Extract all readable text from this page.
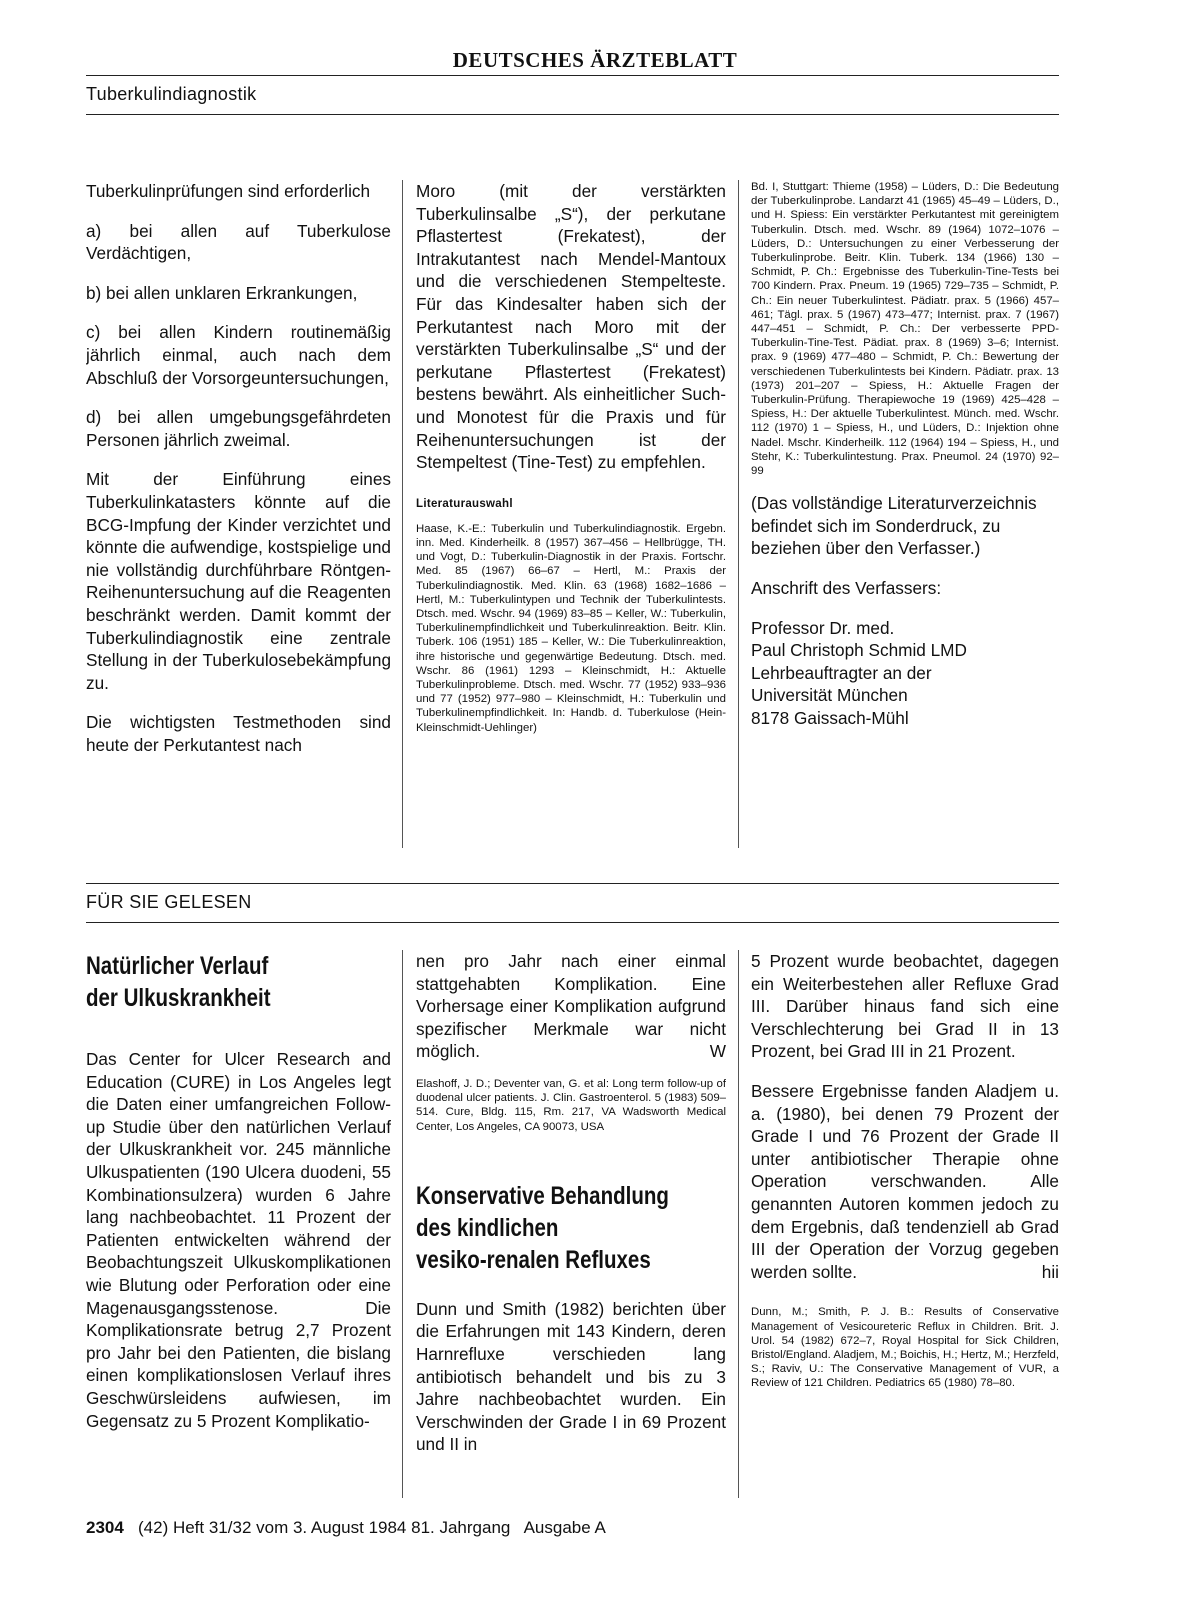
DEUTSCHES ÄRZTEBLATT
Tuberkulindiagnostik

Tuberkulinprüfungen sind erforderlich

a) bei allen auf Tuberkulose Verdächtigen,

b) bei allen unklaren Erkrankungen,

c) bei allen Kindern routinemäßig jährlich einmal, auch nach dem Abschluß der Vorsorgeuntersuchungen,

d) bei allen umgebungsgefährdeten Personen jährlich zweimal.

Mit der Einführung eines Tuberkulinkatasters könnte auf die BCG-Impfung der Kinder verzichtet und könnte die aufwendige, kostspielige und nie vollständig durchführbare Röntgen-Reihenuntersuchung auf die Reagenten beschränkt werden. Damit kommt der Tuberkulindiagnostik eine zentrale Stellung in der Tuberkulosebekämpfung zu.

Die wichtigsten Testmethoden sind heute der Perkutantest nach

Moro (mit der verstärkten Tuberkulinsalbe „S“), der perkutane Pflastertest (Frekatest), der Intrakutantest nach Mendel-Mantoux und die verschiedenen Stempelteste. Für das Kindesalter haben sich der Perkutantest nach Moro mit der verstärkten Tuberkulinsalbe „S“ und der perkutane Pflastertest (Frekatest) bestens bewährt. Als einheitlicher Such- und Monotest für die Praxis und für Reihenuntersuchungen ist der Stempeltest (Tine-Test) zu empfehlen.

Literaturauswahl

Haase, K.-E.: Tuberkulin und Tuberkulindiagnostik. Ergebn. inn. Med. Kinderheilk. 8 (1957) 367–456 – Hellbrügge, TH. und Vogt, D.: Tuberkulin-Diagnostik in der Praxis. Fortschr. Med. 85 (1967) 66–67 – Hertl, M.: Praxis der Tuberkulindiagnostik. Med. Klin. 63 (1968) 1682–1686 – Hertl, M.: Tuberkulintypen und Technik der Tuberkulintests. Dtsch. med. Wschr. 94 (1969) 83–85 – Keller, W.: Tuberkulin, Tuberkulinempfindlichkeit und Tuberkulinreaktion. Beitr. Klin. Tuberk. 106 (1951) 185 – Keller, W.: Die Tuberkulinreaktion, ihre historische und gegenwärtige Bedeutung. Dtsch. med. Wschr. 86 (1961) 1293 – Kleinschmidt, H.: Aktuelle Tuberkulinprobleme. Dtsch. med. Wschr. 77 (1952) 933–936 und 77 (1952) 977–980 – Kleinschmidt, H.: Tuberkulin und Tuberkulinempfindlichkeit. In: Handb. d. Tuberkulose (Hein-Kleinschmidt-Uehlinger)

Bd. I, Stuttgart: Thieme (1958) – Lüders, D.: Die Bedeutung der Tuberkulinprobe. Landarzt 41 (1965) 45–49 – Lüders, D., und H. Spiess: Ein verstärkter Perkutantest mit gereinigtem Tuberkulin. Dtsch. med. Wschr. 89 (1964) 1072–1076 – Lüders, D.: Untersuchungen zu einer Verbesserung der Tuberkulinprobe. Beitr. Klin. Tuberk. 134 (1966) 130 – Schmidt, P. Ch.: Ergebnisse des Tuberkulin-Tine-Tests bei 700 Kindern. Prax. Pneum. 19 (1965) 729–735 – Schmidt, P. Ch.: Ein neuer Tuberkulintest. Pädiatr. prax. 5 (1966) 457–461; Tägl. prax. 5 (1967) 473–477; Internist. prax. 7 (1967) 447–451 – Schmidt, P. Ch.: Der verbesserte PPD-Tuberkulin-Tine-Test. Pädiat. prax. 8 (1969) 3–6; Internist. prax. 9 (1969) 477–480 – Schmidt, P. Ch.: Bewertung der verschiedenen Tuberkulintests bei Kindern. Pädiatr. prax. 13 (1973) 201–207 – Spiess, H.: Aktuelle Fragen der Tuberkulin-Prüfung. Therapiewoche 19 (1969) 425–428 – Spiess, H.: Der aktuelle Tuberkulintest. Münch. med. Wschr. 112 (1970) 1 – Spiess, H., und Lüders, D.: Injektion ohne Nadel. Mschr. Kinderheilk. 112 (1964) 194 – Spiess, H., und Stehr, K.: Tuberkulintestung. Prax. Pneumol. 24 (1970) 92–99

(Das vollständige Literaturverzeichnis befindet sich im Sonderdruck, zu beziehen über den Verfasser.)

Anschrift des Verfassers:

Professor Dr. med.
Paul Christoph Schmid LMD
Lehrbeauftragter an der
Universität München
8178 Gaissach-Mühl
FÜR SIE GELESEN
Natürlicher Verlauf
der Ulkuskrankheit

Das Center for Ulcer Research and Education (CURE) in Los Angeles legt die Daten einer umfangreichen Follow-up Studie über den natürlichen Verlauf der Ulkuskrankheit vor. 245 männliche Ulkuspatienten (190 Ulcera duodeni, 55 Kombinationsulzera) wurden 6 Jahre lang nachbeobachtet. 11 Prozent der Patienten entwickelten während der Beobachtungszeit Ulkuskomplikationen wie Blutung oder Perforation oder eine Magenausgangsstenose. Die Komplikationsrate betrug 2,7 Prozent pro Jahr bei den Patienten, die bislang einen komplikationslosen Verlauf ihres Geschwürsleidens aufwiesen, im Gegensatz zu 5 Prozent Komplikatio-

nen pro Jahr nach einer einmal stattgehabten Komplikation. Eine Vorhersage einer Komplikation aufgrund spezifischer Merkmale war nicht möglich.	W

Elashoff, J. D.; Deventer van, G. et al: Long term follow-up of duodenal ulcer patients. J. Clin. Gastroenterol. 5 (1983) 509–514. Cure, Bldg. 115, Rm. 217, VA Wadsworth Medical Center, Los Angeles, CA 90073, USA

Konservative Behandlung
des kindlichen
vesiko-renalen Refluxes

Dunn und Smith (1982) berichten über die Erfahrungen mit 143 Kindern, deren Harnrefluxe verschieden lang antibiotisch behandelt und bis zu 3 Jahre nachbeobachtet wurden. Ein Verschwinden der Grade I in 69 Prozent und II in

5 Prozent wurde beobachtet, dagegen ein Weiterbestehen aller Refluxe Grad III. Darüber hinaus fand sich eine Verschlechterung bei Grad II in 13 Prozent, bei Grad III in 21 Prozent.

Bessere Ergebnisse fanden Aladjem u. a. (1980), bei denen 79 Prozent der Grade I und 76 Prozent der Grade II unter antibiotischer Therapie ohne Operation verschwanden. Alle genannten Autoren kommen jedoch zu dem Ergebnis, daß tendenziell ab Grad III der Operation der Vorzug gegeben werden sollte.	hii

Dunn, M.; Smith, P. J. B.: Results of Conservative Management of Vesicoureteric Reflux in Children. Brit. J. Urol. 54 (1982) 672–7, Royal Hospital for Sick Children, Bristol/England. Aladjem, M.; Boichis, H.; Hertz, M.; Herzfeld, S.; Raviv, U.: The Conservative Management of VUR, a Review of 121 Children. Pediatrics 65 (1980) 78–80.

2304 (42) Heft 31/32 vom 3. August 1984 81. Jahrgang Ausgabe A
